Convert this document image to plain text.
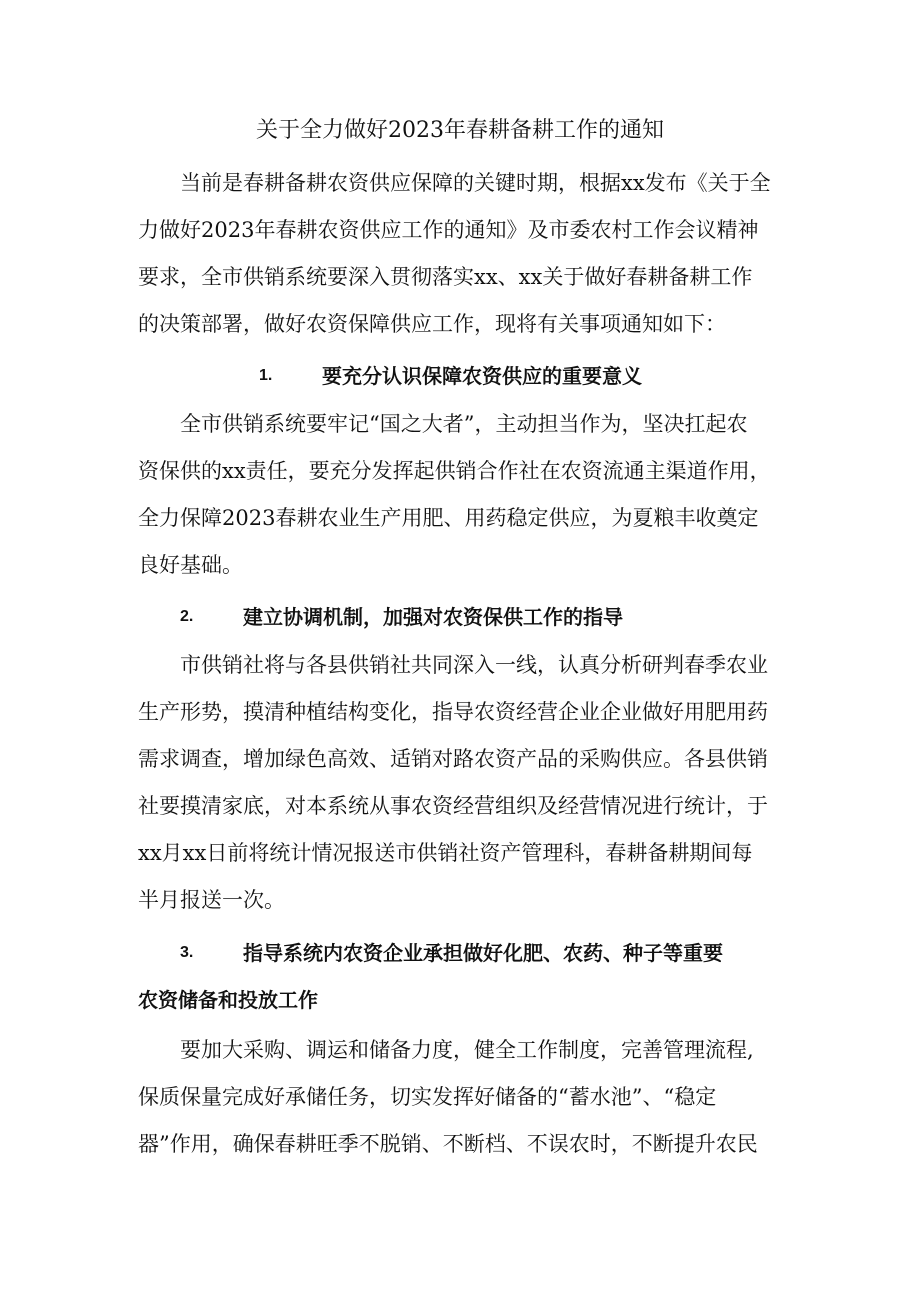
关于全力做好2023年春耕备耕工作的通知
当前是春耕备耕农资供应保障的关键时期，根据xx发布《关于全
力做好2023年春耕农资供应工作的通知》及市委农村工作会议精神
要求，全市供销系统要深入贯彻落实xx、xx关于做好春耕备耕工作
的决策部署，做好农资保障供应工作，现将有关事项通知如下：
1. 要充分认识保障农资供应的重要意义
全市供销系统要牢记“国之大者”，主动担当作为，坚决扛起农
资保供的xx责任，要充分发挥起供销合作社在农资流通主渠道作用，
全力保障2023春耕农业生产用肥、用药稳定供应，为夏粮丰收奠定
良好基础。
2. 建立协调机制，加强对农资保供工作的指导
市供销社将与各县供销社共同深入一线，认真分析研判春季农业
生产形势，摸清种植结构变化，指导农资经营企业企业做好用肥用药
需求调查，增加绿色高效、适销对路农资产品的采购供应。各县供销
社要摸清家底，对本系统从事农资经营组织及经营情况进行统计，于
xx月xx日前将统计情况报送市供销社资产管理科，春耕备耕期间每
半月报送一次。
3. 指导系统内农资企业承担做好化肥、农药、种子等重要
农资储备和投放工作
要加大采购、调运和储备力度，健全工作制度，完善管理流程,
保质保量完成好承储任务，切实发挥好储备的“蓄水池”、“稳定
器”作用，确保春耕旺季不脱销、不断档、不误农时，不断提升农民
